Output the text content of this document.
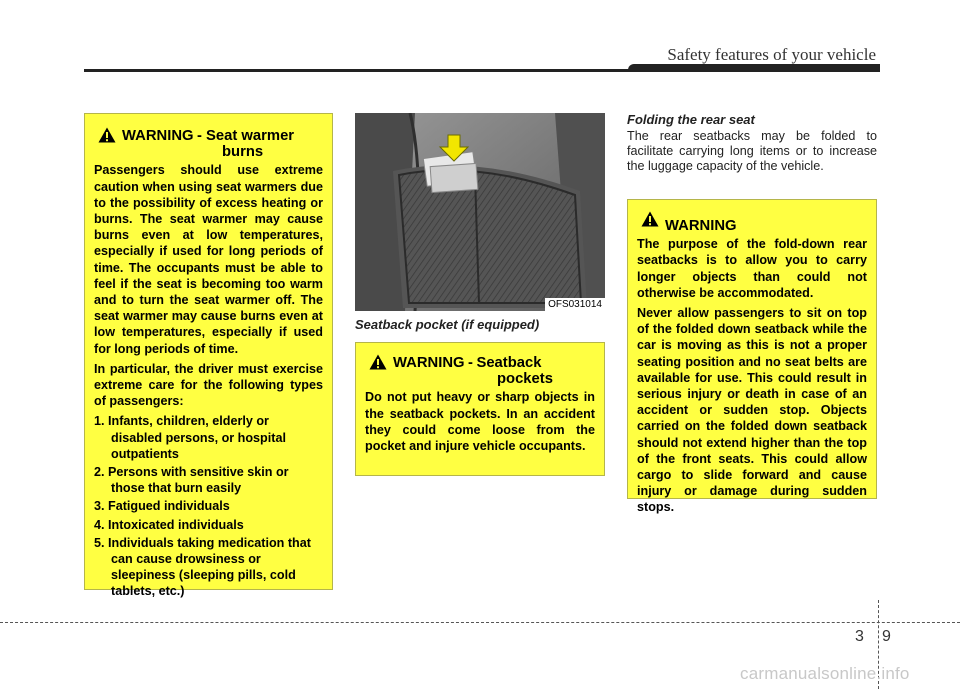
Safety features of your vehicle
WARNING - Seat warmer
burns

Passengers should use extreme caution when using seat warmers due to the possibility of excess heating or burns. The seat warmer may cause burns even at low temperatures, especially if used for long periods of time. The occupants must be able to feel if the seat is becoming too warm and to turn the seat warmer off. The seat warmer may cause burns even at low temperatures, especially if used for long periods of time.

In particular, the driver must exercise extreme care for the following types of passengers:

1. Infants, children, elderly or disabled persons, or hospital outpatients
2. Persons with sensitive skin or those that burn easily
3. Fatigued individuals
4. Intoxicated individuals
5. Individuals taking medication that can cause drowsiness or sleepiness (sleeping pills, cold tablets, etc.)
OFS031014
Seatback pocket (if equipped)
WARNING - Seatback
pockets

Do not put heavy or sharp objects in the seatback pockets. In an accident they could come loose from the pocket and injure vehicle occupants.

Folding the rear seat
The rear seatbacks may be folded to facilitate carrying long items or to increase the luggage capacity of the vehicle.
WARNING

The purpose of the fold-down rear seatbacks is to allow you to carry longer objects than could not otherwise be accommodated.

Never allow passengers to sit on top of the folded down seatback while the car is moving as this is not a proper seating position and no seat belts are available for use. This could result in serious injury or death in case of an accident or sudden stop. Objects carried on the folded down seatback should not extend higher than the top of the front seats. This could allow cargo to slide forward and cause injury or damage during sudden stops.

3 9
carmanualsonline.info
